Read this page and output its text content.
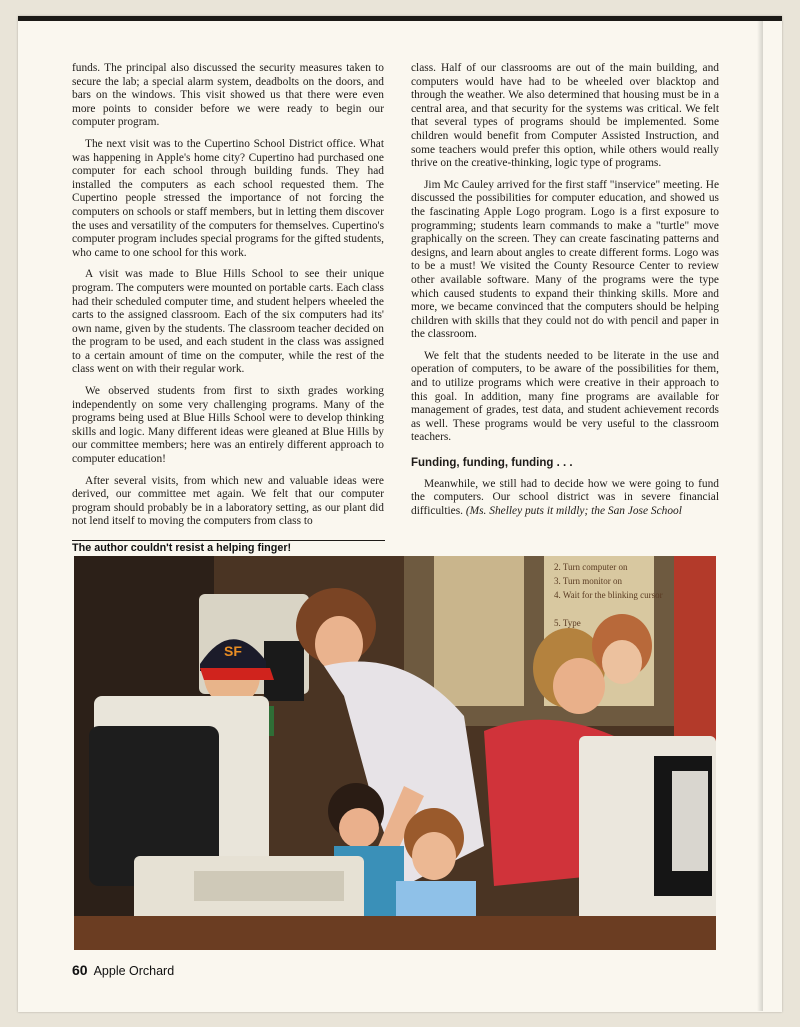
funds. The principal also discussed the security measures taken to secure the lab; a special alarm system, deadbolts on the doors, and bars on the windows. This visit showed us that there were even more points to consider before we were ready to begin our computer program.

The next visit was to the Cupertino School District office. What was happening in Apple's home city? Cupertino had purchased one computer for each school through building funds. They had installed the computers as each school requested them. The Cupertino people stressed the importance of not forcing the computers on schools or staff members, but in letting them discover the uses and versatility of the computers for themselves. Cupertino's computer program includes special programs for the gifted students, who came to one school for this work.

A visit was made to Blue Hills School to see their unique program. The computers were mounted on portable carts. Each class had their scheduled computer time, and student helpers wheeled the carts to the assigned classroom. Each of the six computers had its' own name, given by the students. The classroom teacher decided on the program to be used, and each student in the class was assigned to a certain amount of time on the computer, while the rest of the class went on with their regular work.

We observed students from first to sixth grades working independently on some very challenging programs. Many of the programs being used at Blue Hills School were to develop thinking skills and logic. Many different ideas were gleaned at Blue Hills by our committee members; here was an entirely different approach to computer education!

After several visits, from which new and valuable ideas were derived, our committee met again. We felt that our computer program should probably be in a laboratory setting, as our plant did not lend itself to moving the computers from class to

class. Half of our classrooms are out of the main building, and computers would have had to be wheeled over blacktop and through the weather. We also determined that housing must be in a central area, and that security for the systems was critical. We felt that several types of programs should be implemented. Some children would benefit from Computer Assisted Instruction, and some teachers would prefer this option, while others would really thrive on the creative-thinking, logic type of programs.

Jim Mc Cauley arrived for the first staff "inservice" meeting. He discussed the possibilities for computer education, and showed us the fascinating Apple Logo program. Logo is a first exposure to programming; students learn commands to make a "turtle" move graphically on the screen. They can create fascinating patterns and designs, and learn about angles to create different forms. Logo was to be a must! We visited the County Resource Center to review other available software. Many of the programs were the type which caused students to expand their thinking skills. More and more, we became convinced that the computers should be helping children with skills that they could not do with pencil and paper in the classroom.

We felt that the students needed to be literate in the use and operation of computers, to be aware of the possibilities for them, and to utilize programs which were creative in their approach to this goal. In addition, many fine programs are available for management of grades, test data, and student achievement records as well. These programs would be very useful to the classroom teachers.

Funding, funding, funding . . .

Meanwhile, we still had to decide how we were going to fund the computers. Our school district was in severe financial difficulties. (Ms. Shelley puts it mildly; the San Jose School

The author couldn't resist a helping finger!
2. Turn computer on
3. Turn monitor on
4. Wait for the blinking cursor
5. Type
SF
60 Apple Orchard
